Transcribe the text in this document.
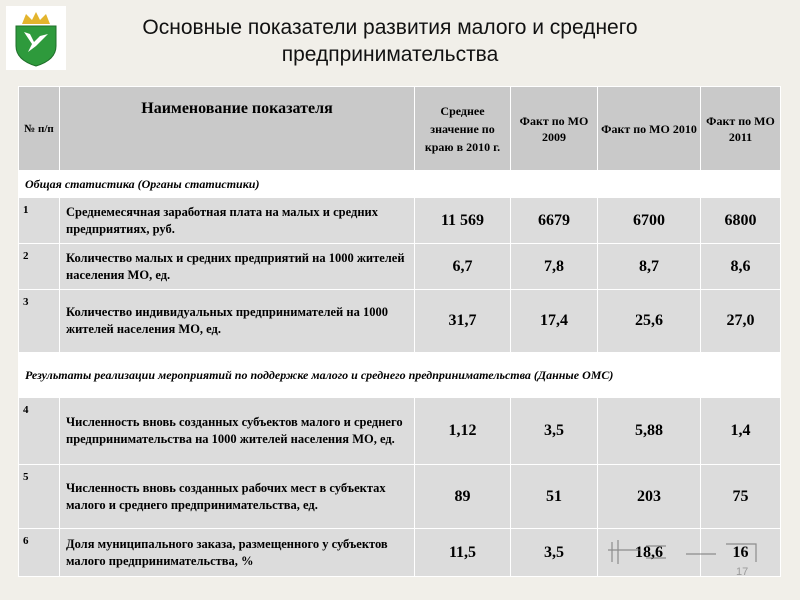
Основные показатели развития малого и среднего предпринимательства
№ п/п	Наименование показателя	Среднее значение по краю в 2010 г.	Факт по МО 2009	Факт по МО 2010	Факт по МО 2011
Общая статистика (Органы статистики)					
1	Среднемесячная заработная плата на малых и средних предприятиях, руб.	11 569	6679	6700	6800
2	Количество малых и средних предприятий на 1000 жителей населения МО, ед.	6,7	7,8	8,7	8,6
3	Количество индивидуальных предпринимателей на 1000 жителей населения МО, ед.	31,7	17,4	25,6	27,0
Результаты реализации мероприятий по поддержке малого и среднего предпринимательства (Данные ОМС)					
4	Численность вновь созданных субъектов малого и среднего предпринимательства на 1000 жителей населения МО, ед.	1,12	3,5	5,88	1,4
5	Численность вновь созданных рабочих мест в субъектах малого и среднего предпринимательства, ед.	89	51	203	75
6	Доля муниципального заказа, размещенного у субъектов малого предпринимательства, %	11,5	3,5	18,6	16
17
